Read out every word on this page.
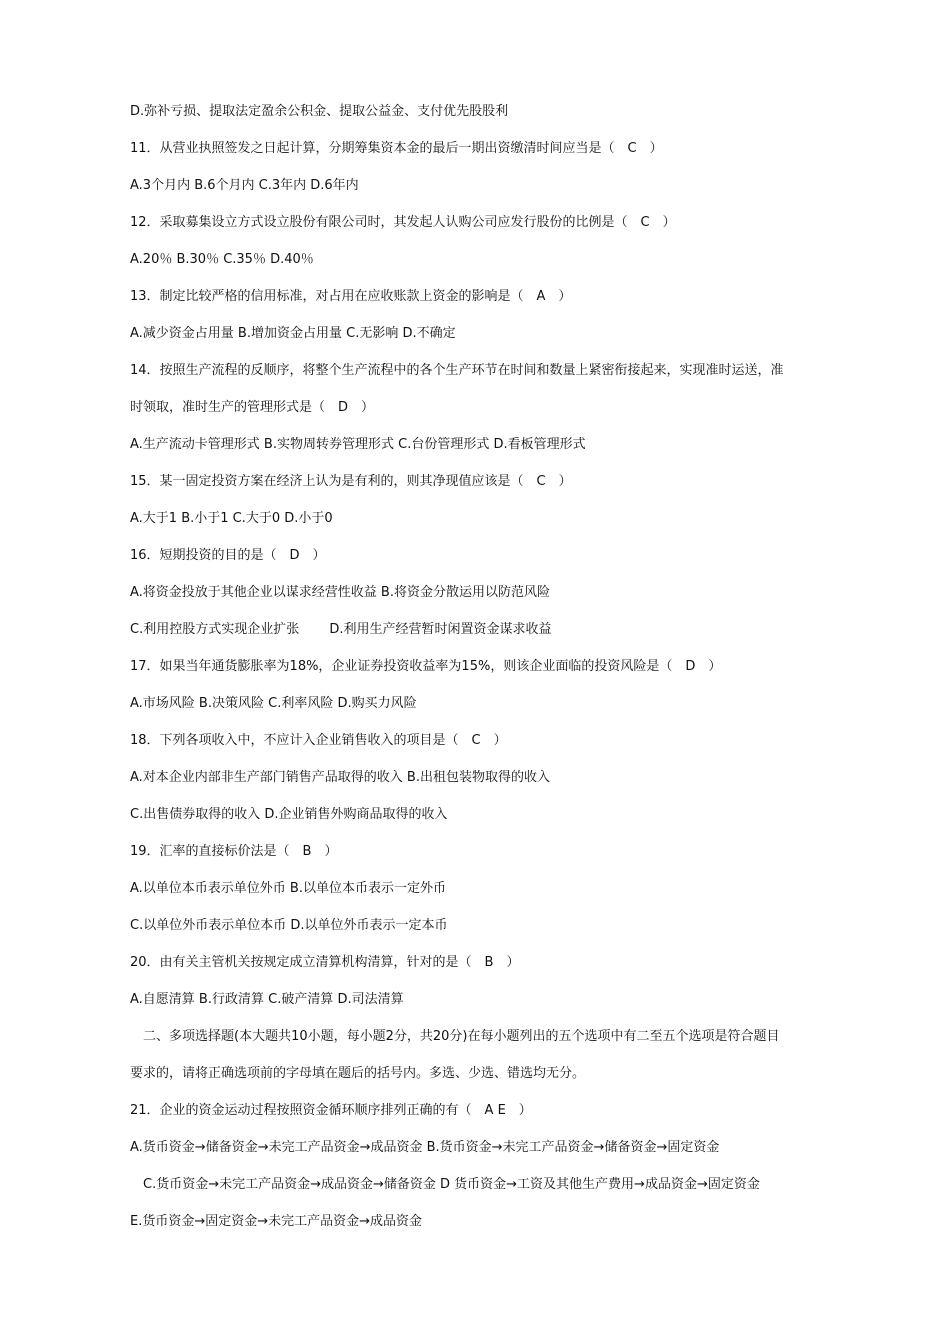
D.弥补亏损、提取法定盈余公积金、提取公益金、支付优先股股利
11．从营业执照签发之日起计算，分期筹集资本金的最后一期出资缴清时间应当是（　C　）
A.3个月内 B.6个月内 C.3年内 D.6年内
12．采取募集设立方式设立股份有限公司时，其发起人认购公司应发行股份的比例是（　C　）
A.20％ B.30％ C.35％ D.40％
13．制定比较严格的信用标准，对占用在应收账款上资金的影响是（　A　）
A.减少资金占用量 B.增加资金占用量 C.无影响 D.不确定
14．按照生产流程的反顺序，将整个生产流程中的各个生产环节在时间和数量上紧密衔接起来，实现准时运送，准
时领取，准时生产的管理形式是（　D　）
A.生产流动卡管理形式 B.实物周转券管理形式 C.台份管理形式 D.看板管理形式
15．某一固定投资方案在经济上认为是有利的，则其净现值应该是（　C　）
A.大于1 B.小于1 C.大于0 D.小于0
16．短期投资的目的是（　D　）
A.将资金投放于其他企业以谋求经营性收益 B.将资金分散运用以防范风险
C.利用控股方式实现企业扩张　　 D.利用生产经营暂时闲置资金谋求收益
17．如果当年通货膨胀率为18%，企业证券投资收益率为15%，则该企业面临的投资风险是（　D　）
A.市场风险 B.决策风险 C.利率风险 D.购买力风险
18．下列各项收入中，不应计入企业销售收入的项目是（　C　）
A.对本企业内部非生产部门销售产品取得的收入 B.出租包装物取得的收入
C.出售债券取得的收入 D.企业销售外购商品取得的收入
19．汇率的直接标价法是（　B　）
A.以单位本币表示单位外币 B.以单位本币表示一定外币
C.以单位外币表示单位本币 D.以单位外币表示一定本币
20．由有关主管机关按规定成立清算机构清算，针对的是（　B　）
A.自愿清算 B.行政清算 C.破产清算 D.司法清算
　二、多项选择题(本大题共10小题，每小题2分，共20分)在每小题列出的五个选项中有二至五个选项是符合题目
要求的，请将正确选项前的字母填在题后的括号内。多选、少选、错选均无分。
21．企业的资金运动过程按照资金循环顺序排列正确的有（　A E　）
A.货币资金→储备资金→未完工产品资金→成品资金 B.货币资金→未完工产品资金→储备资金→固定资金
　C.货币资金→未完工产品资金→成品资金→储备资金 D 货币资金→工资及其他生产费用→成品资金→固定资金
E.货币资金→固定资金→未完工产品资金→成品资金
